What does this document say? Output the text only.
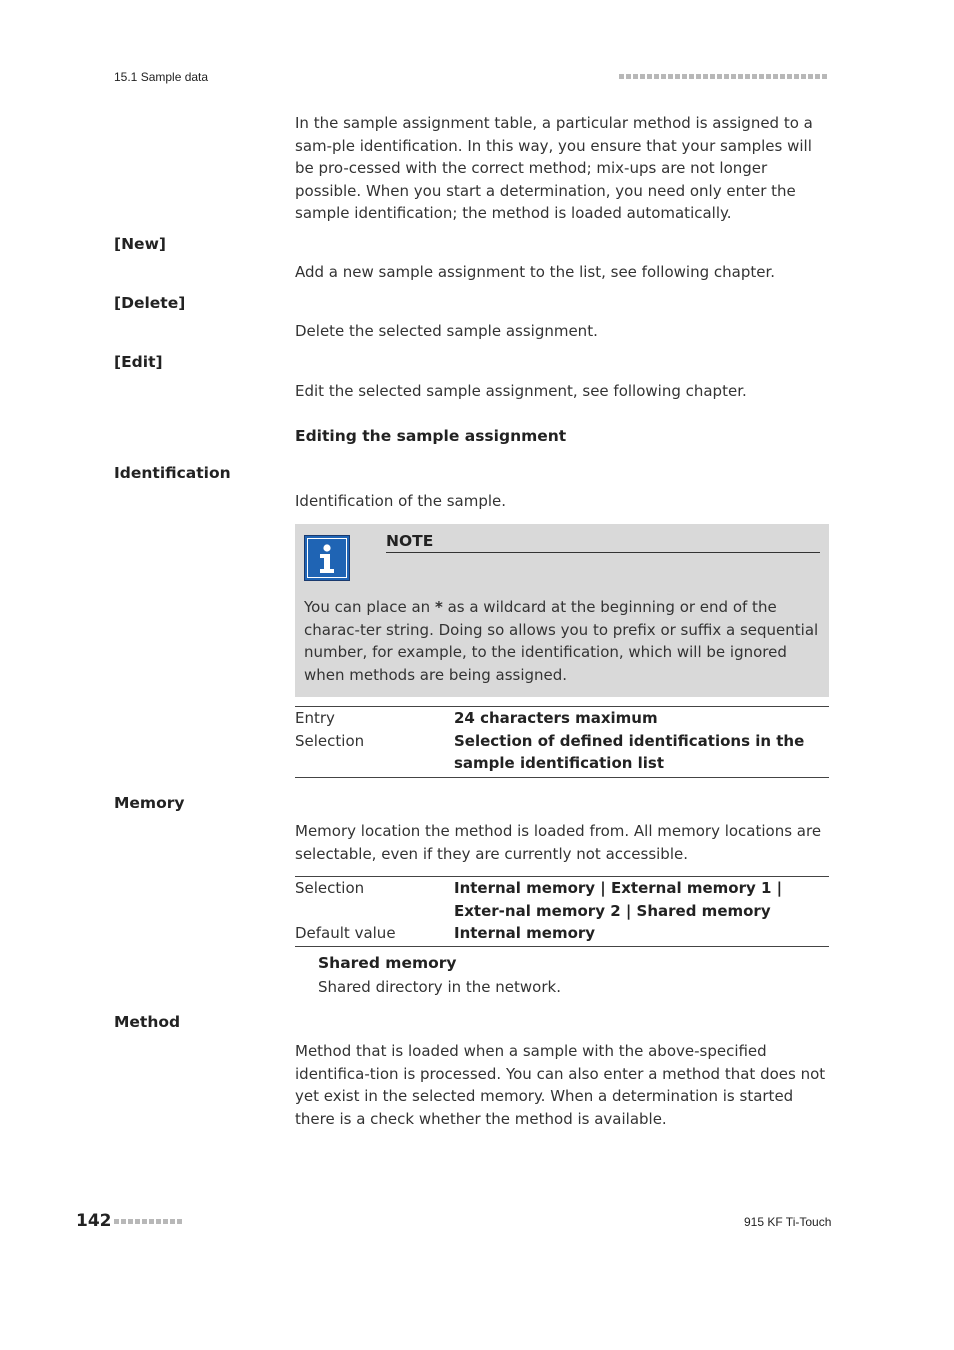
15.1 Sample data

In the sample assignment table, a particular method is assigned to a sam-ple identification. In this way, you ensure that your samples will be pro-cessed with the correct method; mix-ups are not longer possible. When you start a determination, you need only enter the sample identification; the method is loaded automatically.

[New]
Add a new sample assignment to the list, see following chapter.
[Delete]
Delete the selected sample assignment.
[Edit]
Edit the selected sample assignment, see following chapter.
Editing the sample assignment
Identification
Identification of the sample.
NOTE
You can place an * as a wildcard at the beginning or end of the charac-ter string. Doing so allows you to prefix or suffix a sequential number, for example, to the identification, which will be ignored when methods are being assigned.
Entry	24 characters maximum
Selection	Selection of defined identifications in the sample identification list
Memory
Memory location the method is loaded from. All memory locations are selectable, even if they are currently not accessible.
Selection	Internal memory | External memory 1 | Exter-nal memory 2 | Shared memory
Default value	Internal memory
Shared memory
Shared directory in the network.
Method
Method that is loaded when a sample with the above-specified identifica-tion is processed. You can also enter a method that does not yet exist in the selected memory. When a determination is started there is a check whether the method is available.
142	915 KF Ti-Touch
